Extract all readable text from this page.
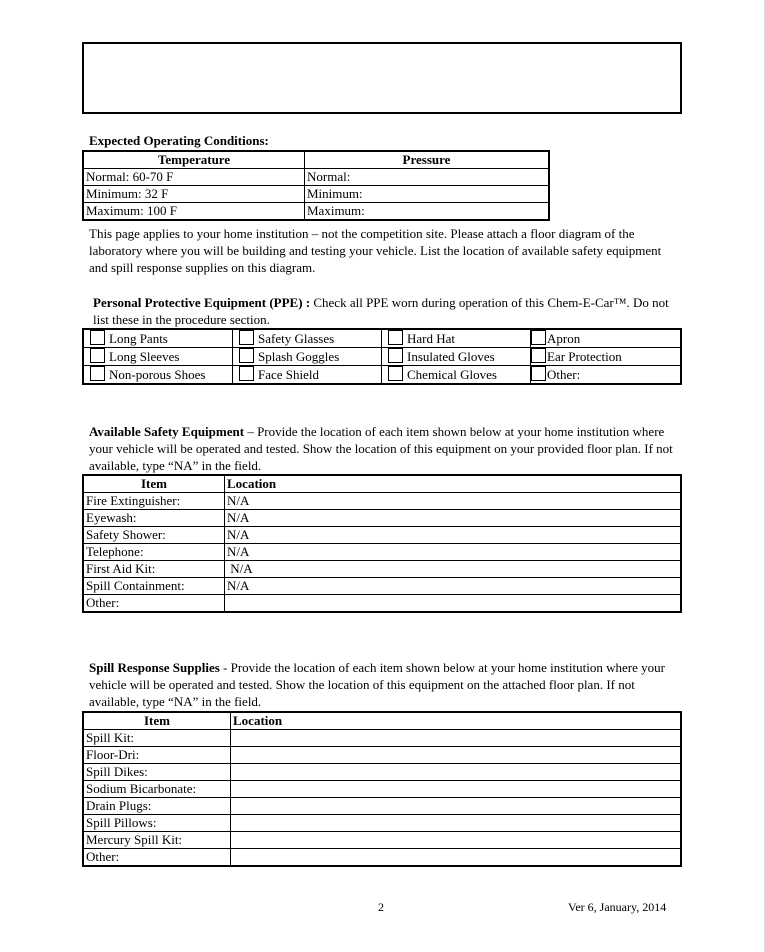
Expected Operating Conditions:
Temperature	Pressure
Normal: 60-70 F	Normal:
Minimum: 32 F	Minimum:
Maximum: 100 F	Maximum:
This page applies to your home institution – not the competition site. Please attach a floor diagram of the laboratory where you will be building and testing your vehicle. List the location of available safety equipment and spill response supplies on this diagram.
Personal Protective Equipment (PPE) : Check all PPE worn during operation of this Chem-E-Car™. Do not list these in the procedure section.
Long Pants	Safety Glasses	Hard Hat	Apron
Long Sleeves	Splash Goggles	Insulated Gloves	Ear Protection
Non-porous Shoes	Face Shield	Chemical Gloves	Other:
Available Safety Equipment – Provide the location of each item shown below at your home institution where your vehicle will be operated and tested. Show the location of this equipment on your provided floor plan. If not available, type “NA” in the field.
Item	Location
Fire Extinguisher:	N/A
Eyewash:	N/A
Safety Shower:	N/A
Telephone:	N/A
First Aid Kit:	N/A
Spill Containment:	N/A
Other:	
Spill Response Supplies - Provide the location of each item shown below at your home institution where your vehicle will be operated and tested. Show the location of this equipment on the attached floor plan. If not available, type “NA” in the field.
Item	Location
Spill Kit:	
Floor-Dri:	
Spill Dikes:	
Sodium Bicarbonate:	
Drain Plugs:	
Spill Pillows:	
Mercury Spill Kit:	
Other:	
2	Ver 6, January, 2014
